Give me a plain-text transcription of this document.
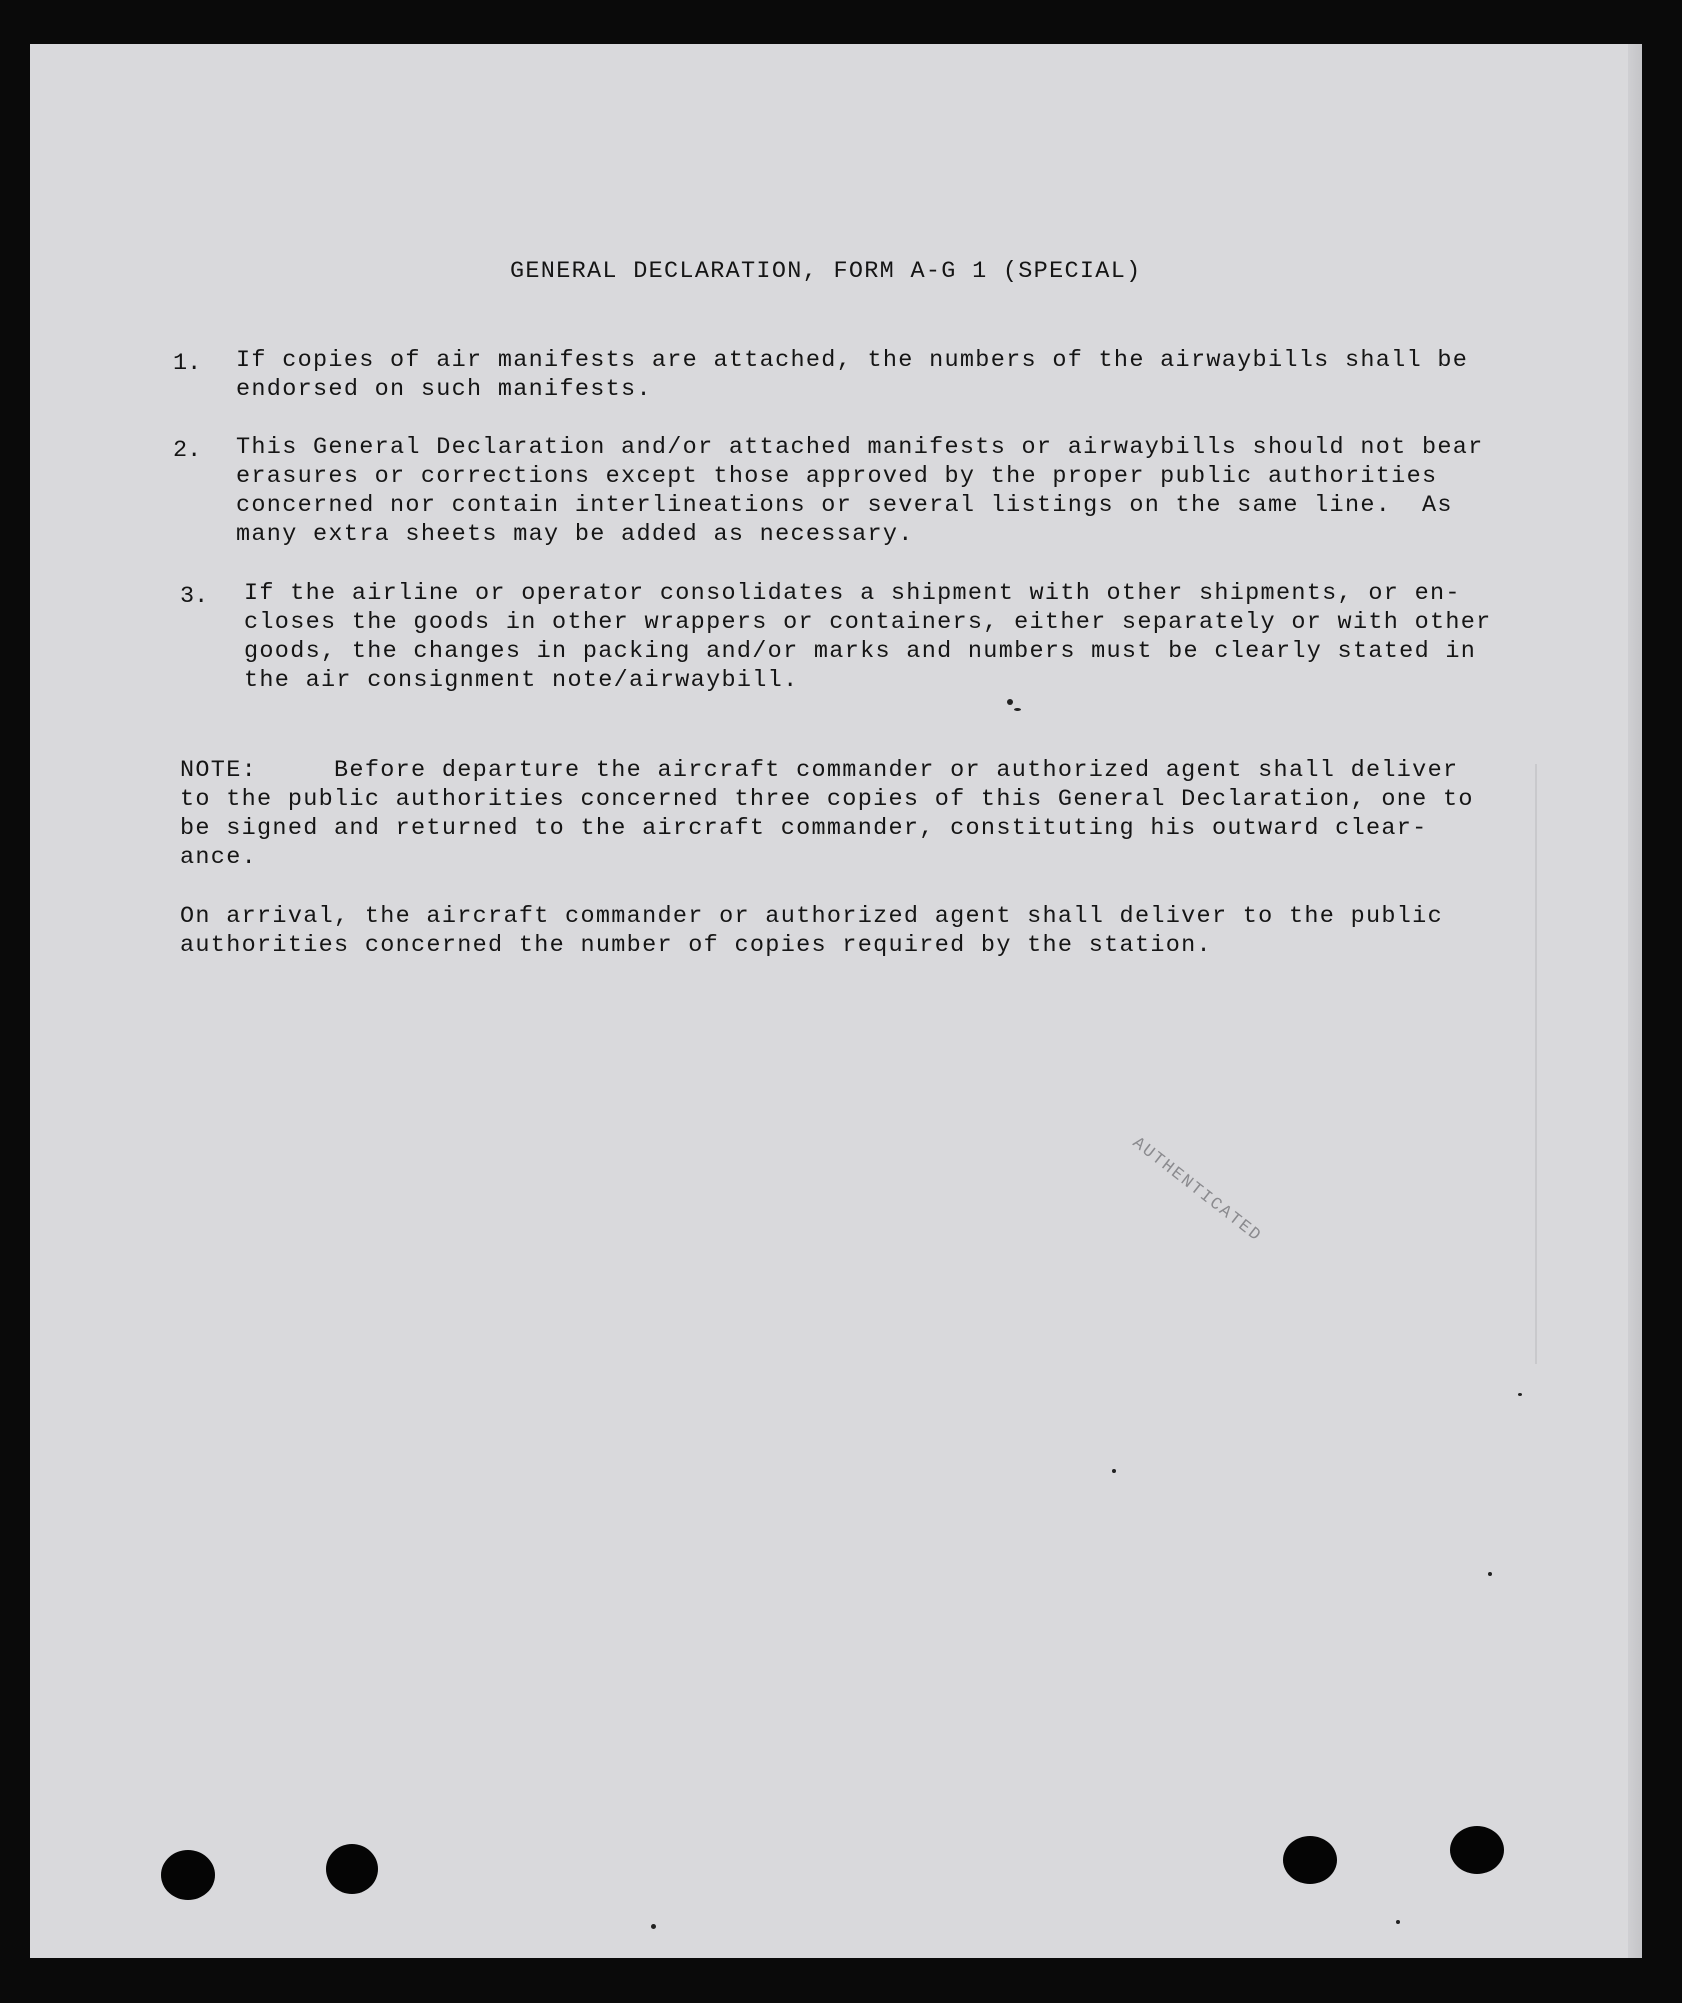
GENERAL DECLARATION, FORM A-G 1 (SPECIAL)

1. If copies of air manifests are attached, the numbers of the airwaybills shall be

endorsed on such manifests.

2. This General Declaration and/or attached manifests or airwaybills should not bear

erasures or corrections except those approved by the proper public authorities

concerned nor contain interlineations or several listings on the same line.  As

many extra sheets may be added as necessary.

3. If the airline or operator consolidates a shipment with other shipments, or en-

closes the goods in other wrappers or containers, either separately or with other

goods, the changes in packing and/or marks and numbers must be clearly stated in

the air consignment note/airwaybill.

NOTE:     Before departure the aircraft commander or authorized agent shall deliver

to the public authorities concerned three copies of this General Declaration, one to

be signed and returned to the aircraft commander, constituting his outward clear-

ance.

On arrival, the aircraft commander or authorized agent shall deliver to the public

authorities concerned the number of copies required by the station.

AUTHENTICATED
